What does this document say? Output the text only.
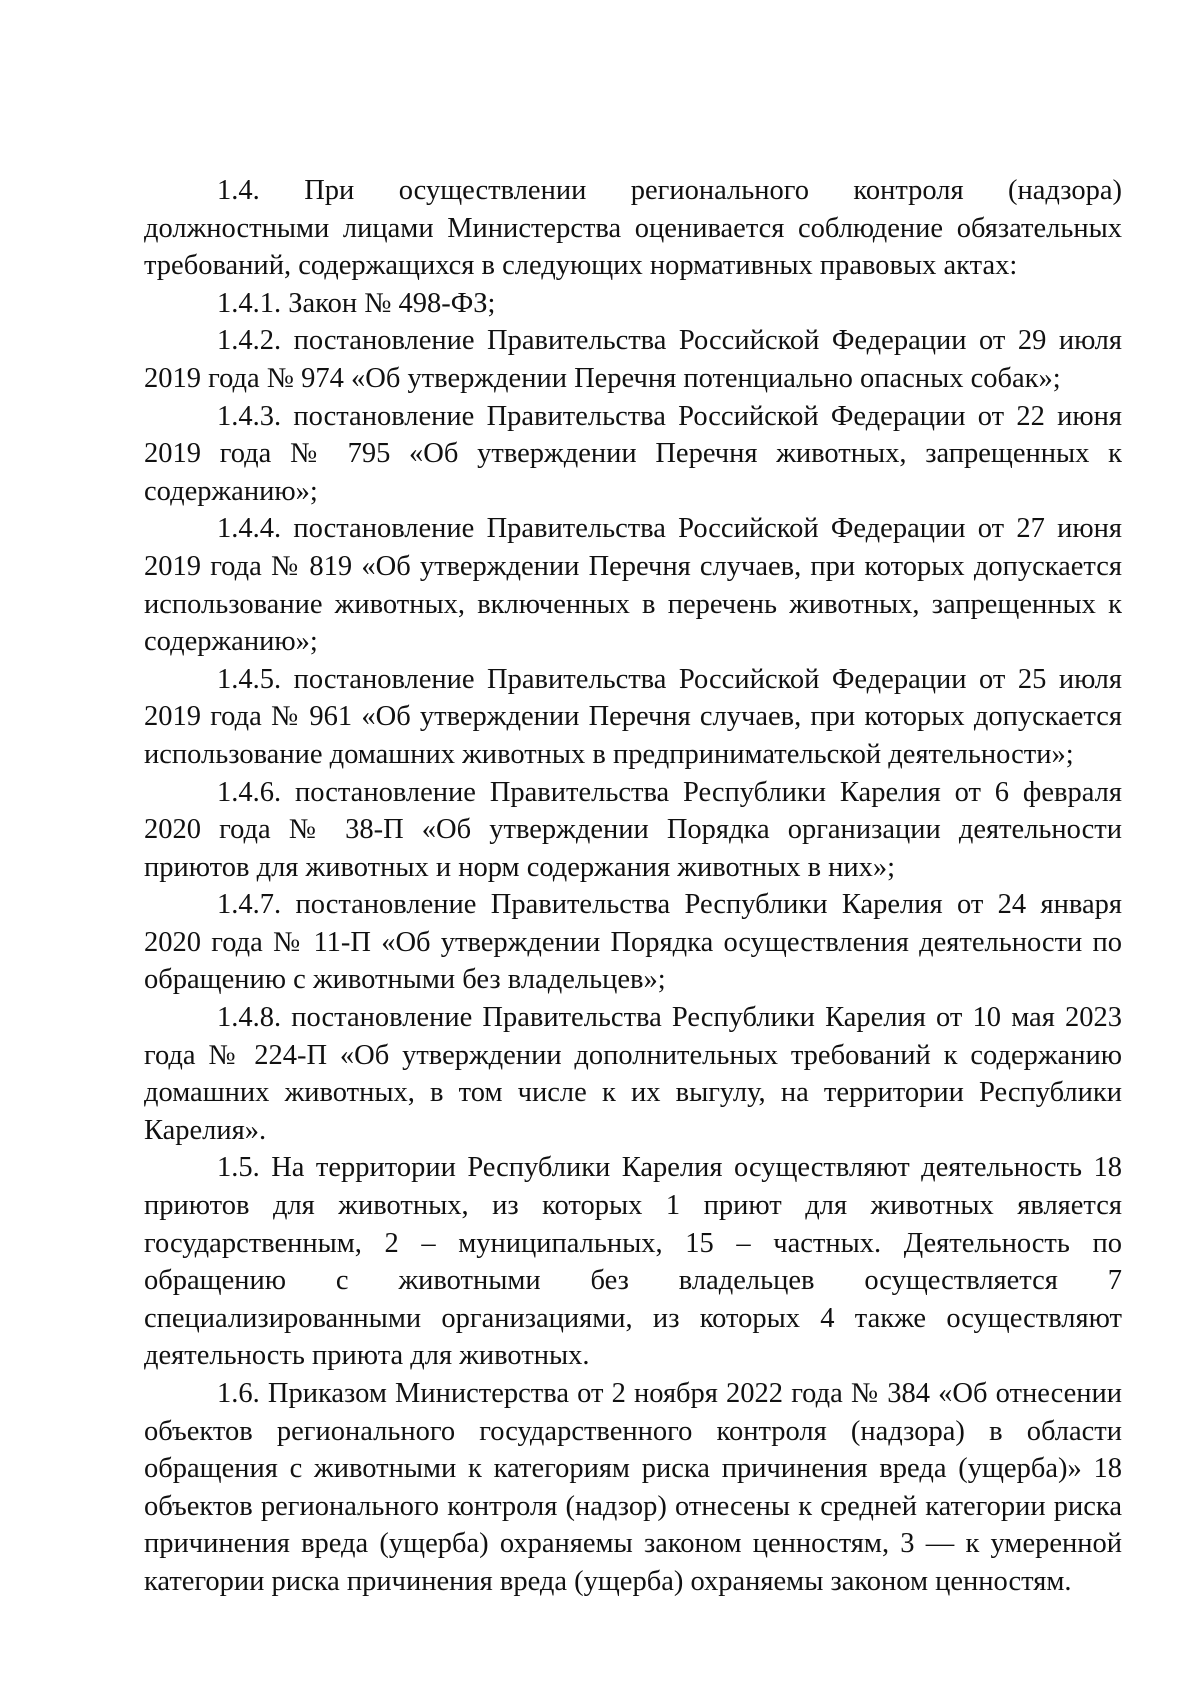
1.4. При осуществлении регионального контроля (надзора) должностными лицами Министерства оценивается соблюдение обязательных требований, содержащихся в следующих нормативных правовых актах:

1.4.1. Закон № 498-ФЗ;

1.4.2. постановление Правительства Российской Федерации от 29 июля 2019 года № 974 «Об утверждении Перечня потенциально опасных собак»;

1.4.3. постановление Правительства Российской Федерации от 22 июня 2019 года № 795 «Об утверждении Перечня животных, запрещенных к содержанию»;

1.4.4. постановление Правительства Российской Федерации от 27 июня 2019 года № 819 «Об утверждении Перечня случаев, при которых допускается использование животных, включенных в перечень животных, запрещенных к содержанию»;

1.4.5. постановление Правительства Российской Федерации от 25 июля 2019 года № 961 «Об утверждении Перечня случаев, при которых допускается использование домашних животных в предпринимательской деятельности»;

1.4.6. постановление Правительства Республики Карелия от 6 февраля 2020 года № 38-П «Об утверждении Порядка организации деятельности приютов для животных и норм содержания животных в них»;

1.4.7. постановление Правительства Республики Карелия от 24 января 2020 года № 11-П «Об утверждении Порядка осуществления деятельности по обращению с животными без владельцев»;

1.4.8. постановление Правительства Республики Карелия от 10 мая 2023 года № 224-П «Об утверждении дополнительных требований к содержанию домашних животных, в том числе к их выгулу, на территории Республики Карелия».

1.5. На территории Республики Карелия осуществляют деятельность 18 приютов для животных, из которых 1 приют для животных является государственным, 2 – муниципальных, 15 – частных. Деятельность по обращению с животными без владельцев осуществляется 7 специализированными организациями, из которых 4 также осуществляют деятельность приюта для животных.

1.6. Приказом Министерства от 2 ноября 2022 года № 384 «Об отнесении объектов регионального государственного контроля (надзора) в области обращения с животными к категориям риска причинения вреда (ущерба)» 18 объектов регионального контроля (надзор) отнесены к средней категории риска причинения вреда (ущерба) охраняемы законом ценностям, 3 — к умеренной категории риска причинения вреда (ущерба) охраняемы законом ценностям.
